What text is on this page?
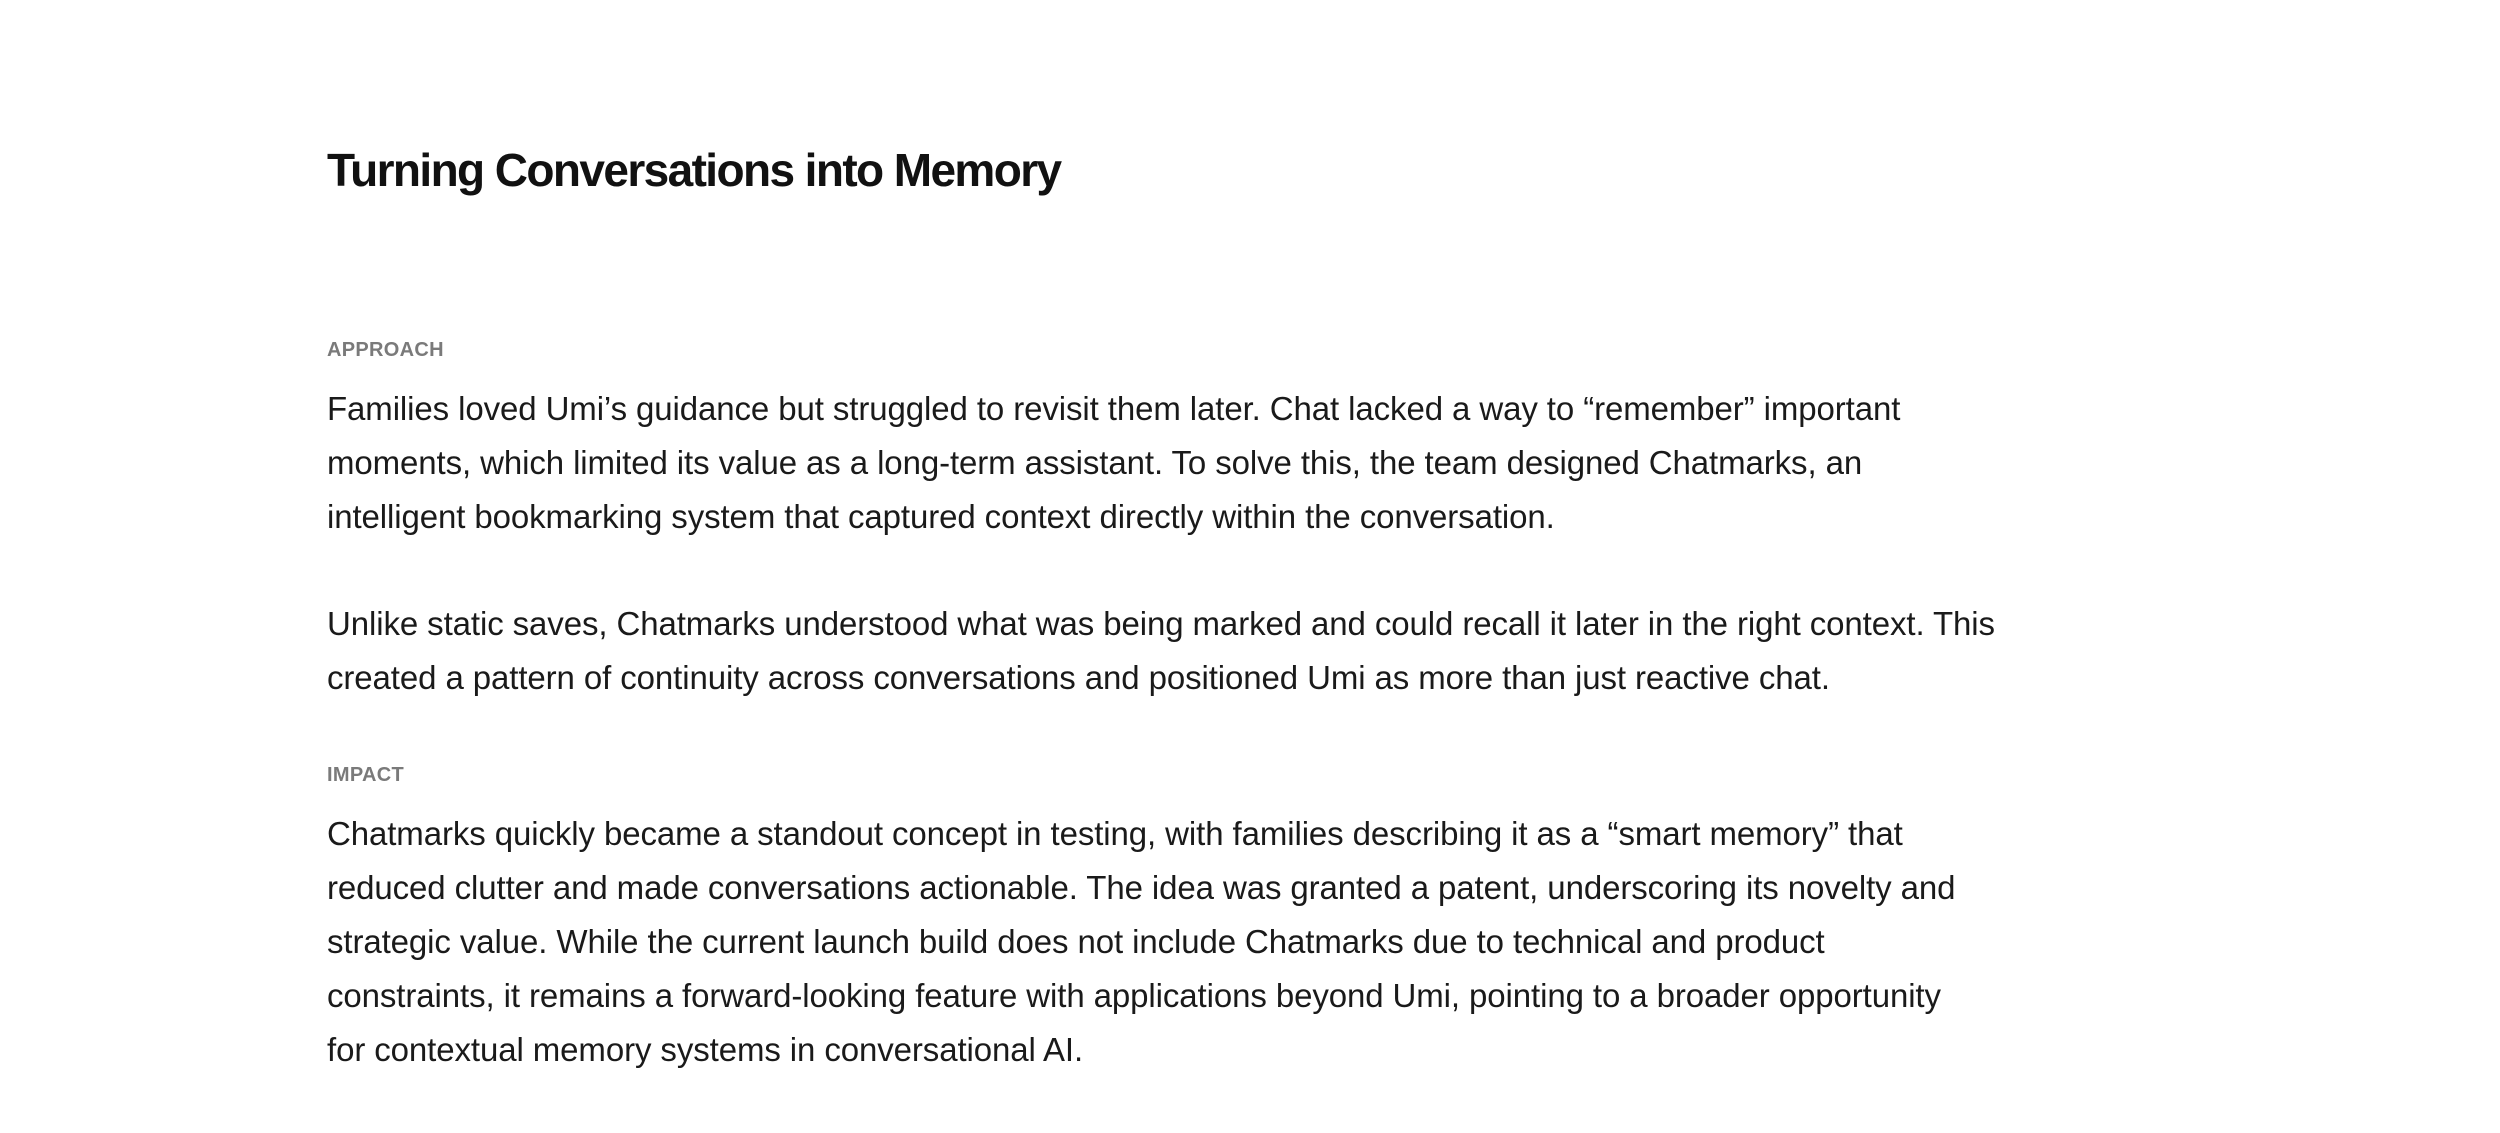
Turning Conversations into Memory
APPROACH

Families loved Umi’s guidance but struggled to revisit them later. Chat lacked a way to “remember” important
moments, which limited its value as a long-term assistant. To solve this, the team designed Chatmarks, an
intelligent bookmarking system that captured context directly within the conversation.

Unlike static saves, Chatmarks understood what was being marked and could recall it later in the right context. This
created a pattern of continuity across conversations and positioned Umi as more than just reactive chat.

IMPACT

Chatmarks quickly became a standout concept in testing, with families describing it as a “smart memory” that
reduced clutter and made conversations actionable. The idea was granted a patent, underscoring its novelty and
strategic value. While the current launch build does not include Chatmarks due to technical and product
constraints, it remains a forward-looking feature with applications beyond Umi, pointing to a broader opportunity
for contextual memory systems in conversational AI.
